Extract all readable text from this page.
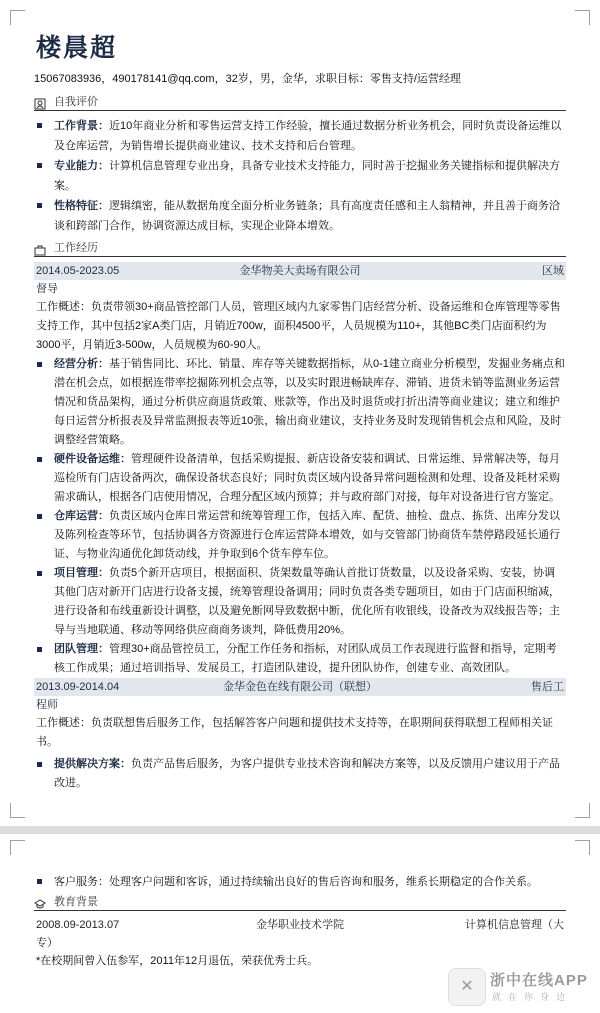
楼晨超
15067083936，490178141@qq.com，32岁，男，金华，求职目标：零售支持/运营经理
自我评价
工作背景：近10年商业分析和零售运营支持工作经验，擅长通过数据分析业务机会，同时负责设备运维以及仓库运营，为销售增长提供商业建议、技术支持和后台管理。
专业能力：计算机信息管理专业出身，具备专业技术支持能力，同时善于挖掘业务关键指标和提供解决方案。
性格特征：逻辑缜密，能从数据角度全面分析业务链条；具有高度责任感和主人翁精神，并且善于商务洽谈和跨部门合作，协调资源达成目标，实现企业降本增效。
工作经历
2014.05-2023.05	金华物美大卖场有限公司	区域
督导

工作概述：负责带领30+商品管控部门人员，管理区域内九家零售门店经营分析、设备运维和仓库管理等零售支持工作，其中包括2家A类门店，月销近700w，面积4500平，人员规模为110+，其他BC类门店面积约为3000平，月销近3-500w，人员规模为60-90人。

经营分析：基于销售同比、环比、销量、库存等关键数据指标，从0-1建立商业分析模型，发掘业务痛点和潜在机会点，如根据连带率挖掘陈列机会点等，以及实时跟进畅缺库存、滞销、进货未销等监测业务运营情况和货品架构，通过分析供应商退货政策、账款等，作出及时退货或打折出清等商业建议；建立和维护每日运营分析报表及异常监测报表等近10张，输出商业建议，支持业务及时发现销售机会点和风险，及时调整经营策略。
硬件设备运维：管理硬件设备清单，包括采购提报、新店设备安装和调试、日常运维、异常解决等，每月巡检所有门店设备两次，确保设备状态良好；同时负责区域内设备异常问题检测和处理、设备及耗材采购需求确认，根据各门店使用情况，合理分配区域内预算；并与政府部门对接，每年对设备进行官方鉴定。
仓库运营：负责区域内仓库日常运营和统筹管理工作，包括入库、配货、抽检、盘点、拣货、出库分发以及陈列检查等环节，包括协调各方资源进行仓库运营降本增效，如与交管部门协商货车禁停路段延长通行证、与物业沟通优化卸货动线，并争取到6个货车停车位。
项目管理：负责5个新开店项目，根据面积、货架数量等确认首批订货数量，以及设备采购、安装，协调其他门店对新开门店进行设备支援，统筹管理设备调用；同时负责各类专题项目，如由于门店面积缩减，进行设备和布线重新设计调整，以及避免断网导致数据中断，优化所有收银线，设备改为双线报告等；主导与当地联通、移动等网络供应商商务谈判，降低费用20%。
团队管理：管理30+商品管控员工，分配工作任务和指标，对团队成员工作表现进行监督和指导，定期考核工作成果；通过培训指导、发展员工，打造团队建设，提升团队协作，创建专业、高效团队。
2013.09-2014.04	金华金色在线有限公司（联想）	售后工
程师

工作概述：负责联想售后服务工作，包括解答客户问题和提供技术支持等，在职期间获得联想工程师相关证书。

提供解决方案：负责产品售后服务，为客户提供专业技术咨询和解决方案等，以及反馈用户建议用于产品改进。
客户服务：处理客户问题和客诉，通过持续输出良好的售后咨询和服务，维系长期稳定的合作关系。
教育背景
2008.09-2013.07	金华职业技术学院	计算机信息管理（大
专）
*在校期间曾入伍参军，2011年12月退伍，荣获优秀士兵。
✕	浙中在线APP
就在你身边
